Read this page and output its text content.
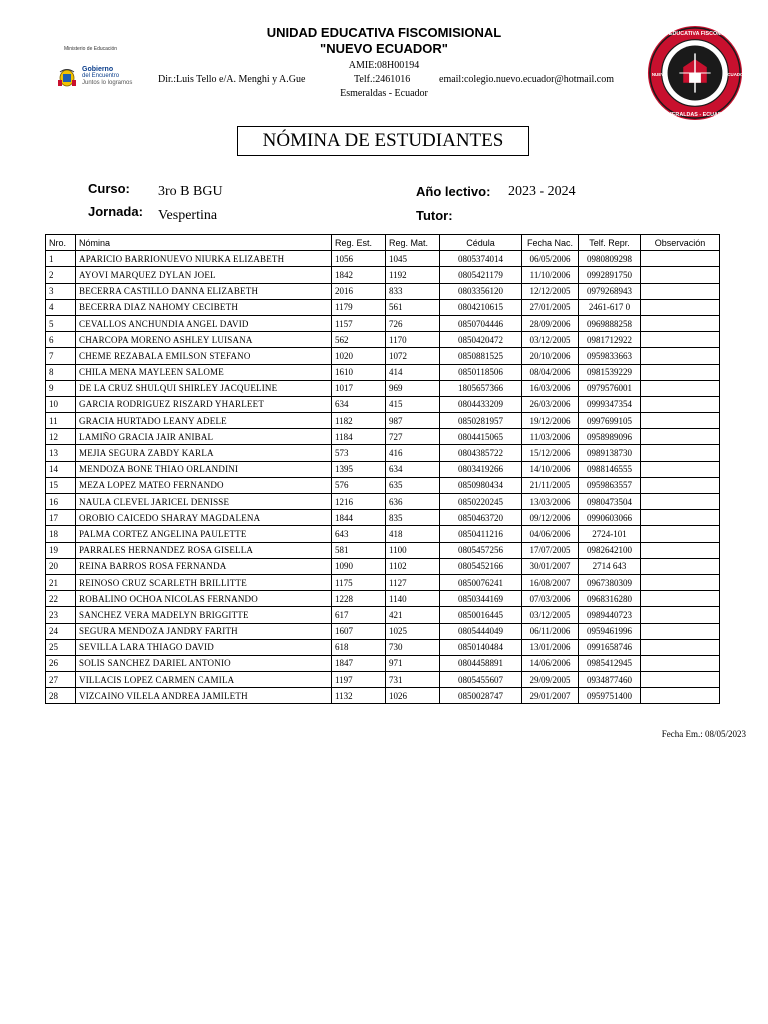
Ministerio de Educación
Gobierno
del Encuentro
Juntos lo logramos
UNIDAD EDUCATIVA FISCOMISIONAL
"NUEVO ECUADOR"
AMIE:08H00194
Dir.:Luis Tello e/A. Menghi y A.Gue	Telf.:2461016	email:colegio.nuevo.ecuador@hotmail.com
Esmeraldas - Ecuador
UNIDAD EDUCATIVA FISCOMISIONAL
ESMERALDAS - ECUADOR
NUEVO	ECUADOR
NÓMINA DE ESTUDIANTES
Curso: 3ro B BGU
Jornada: Vespertina
Año lectivo: 2023 - 2024
Tutor:
Nro.	Nómina	Reg. Est.	Reg. Mat.	Cédula	Fecha Nac.	Telf. Repr.	Observación
1	APARICIO BARRIONUEVO NIURKA ELIZABETH	1056	1045	0805374014	06/05/2006	0980809298	
2	AYOVI MARQUEZ DYLAN JOEL	1842	1192	0805421179	11/10/2006	0992891750	
3	BECERRA CASTILLO DANNA ELIZABETH	2016	833	0803356120	12/12/2005	0979268943	
4	BECERRA DIAZ NAHOMY CECIBETH	1179	561	0804210615	27/01/2005	2461-617 0	
5	CEVALLOS ANCHUNDIA ANGEL DAVID	1157	726	0850704446	28/09/2006	0969888258	
6	CHARCOPA MORENO ASHLEY LUISANA	562	1170	0850420472	03/12/2005	0981712922	
7	CHEME REZABALA EMILSON STEFANO	1020	1072	0850881525	20/10/2006	0959833663	
8	CHILA MENA MAYLEEN SALOME	1610	414	0850118506	08/04/2006	0981539229	
9	DE LA CRUZ SHULQUI SHIRLEY JACQUELINE	1017	969	1805657366	16/03/2006	0979576001	
10	GARCIA RODRIGUEZ RISZARD YHARLEET	634	415	0804433209	26/03/2006	0999347354	
11	GRACIA HURTADO LEANY ADELE	1182	987	0850281957	19/12/2006	0997699105	
12	LAMIÑO GRACIA JAIR ANIBAL	1184	727	0804415065	11/03/2006	0958989096	
13	MEJIA SEGURA ZABDY KARLA	573	416	0804385722	15/12/2006	0989138730	
14	MENDOZA BONE THIAO ORLANDINI	1395	634	0803419266	14/10/2006	0988146555	
15	MEZA LOPEZ MATEO FERNANDO	576	635	0850980434	21/11/2005	0959863557	
16	NAULA CLEVEL JARICEL DENISSE	1216	636	0850220245	13/03/2006	0980473504	
17	OROBIO CAICEDO SHARAY MAGDALENA	1844	835	0850463720	09/12/2006	0990603066	
18	PALMA CORTEZ ANGELINA PAULETTE	643	418	0850411216	04/06/2006	2724-101	
19	PARRALES HERNANDEZ ROSA GISELLA	581	1100	0805457256	17/07/2005	0982642100	
20	REINA BARROS ROSA FERNANDA	1090	1102	0805452166	30/01/2007	2714 643	
21	REINOSO CRUZ SCARLETH BRILLITTE	1175	1127	0850076241	16/08/2007	0967380309	
22	ROBALINO OCHOA NICOLAS FERNANDO	1228	1140	0850344169	07/03/2006	0968316280	
23	SANCHEZ VERA MADELYN BRIGGITTE	617	421	0850016445	03/12/2005	0989440723	
24	SEGURA MENDOZA JANDRY FARITH	1607	1025	0805444049	06/11/2006	0959461996	
25	SEVILLA LARA THIAGO DAVID	618	730	0850140484	13/01/2006	0991658746	
26	SOLIS SANCHEZ DARIEL ANTONIO	1847	971	0804458891	14/06/2006	0985412945	
27	VILLACIS LOPEZ CARMEN CAMILA	1197	731	0805455607	29/09/2005	0934877460	
28	VIZCAINO VILELA ANDREA JAMILETH	1132	1026	0850028747	29/01/2007	0959751400	
Fecha Em.: 08/05/2023
